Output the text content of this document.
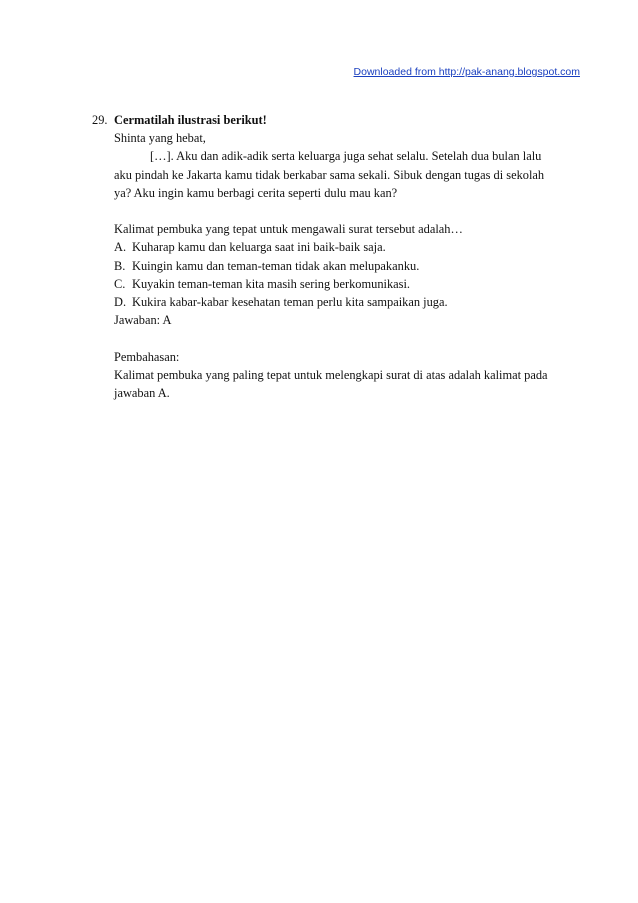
Downloaded from http://pak-anang.blogspot.com
29. Cermatilah ilustrasi berikut!

Shinta yang hebat,

[…]. Aku dan adik-adik serta keluarga juga sehat selalu. Setelah dua bulan lalu

aku pindah ke Jakarta kamu tidak berkabar sama sekali. Sibuk dengan tugas di sekolah

ya? Aku ingin kamu berbagi cerita seperti dulu mau kan?

Kalimat pembuka yang tepat untuk mengawali surat tersebut adalah…

A. Kuharap kamu dan keluarga saat ini baik-baik saja.
B. Kuingin kamu dan teman-teman tidak akan melupakanku.
C. Kuyakin teman-teman kita masih sering berkomunikasi.
D. Kukira kabar-kabar kesehatan teman perlu kita sampaikan juga.

Jawaban: A

Pembahasan:

Kalimat pembuka yang paling tepat untuk melengkapi surat di atas adalah kalimat pada

jawaban A.
